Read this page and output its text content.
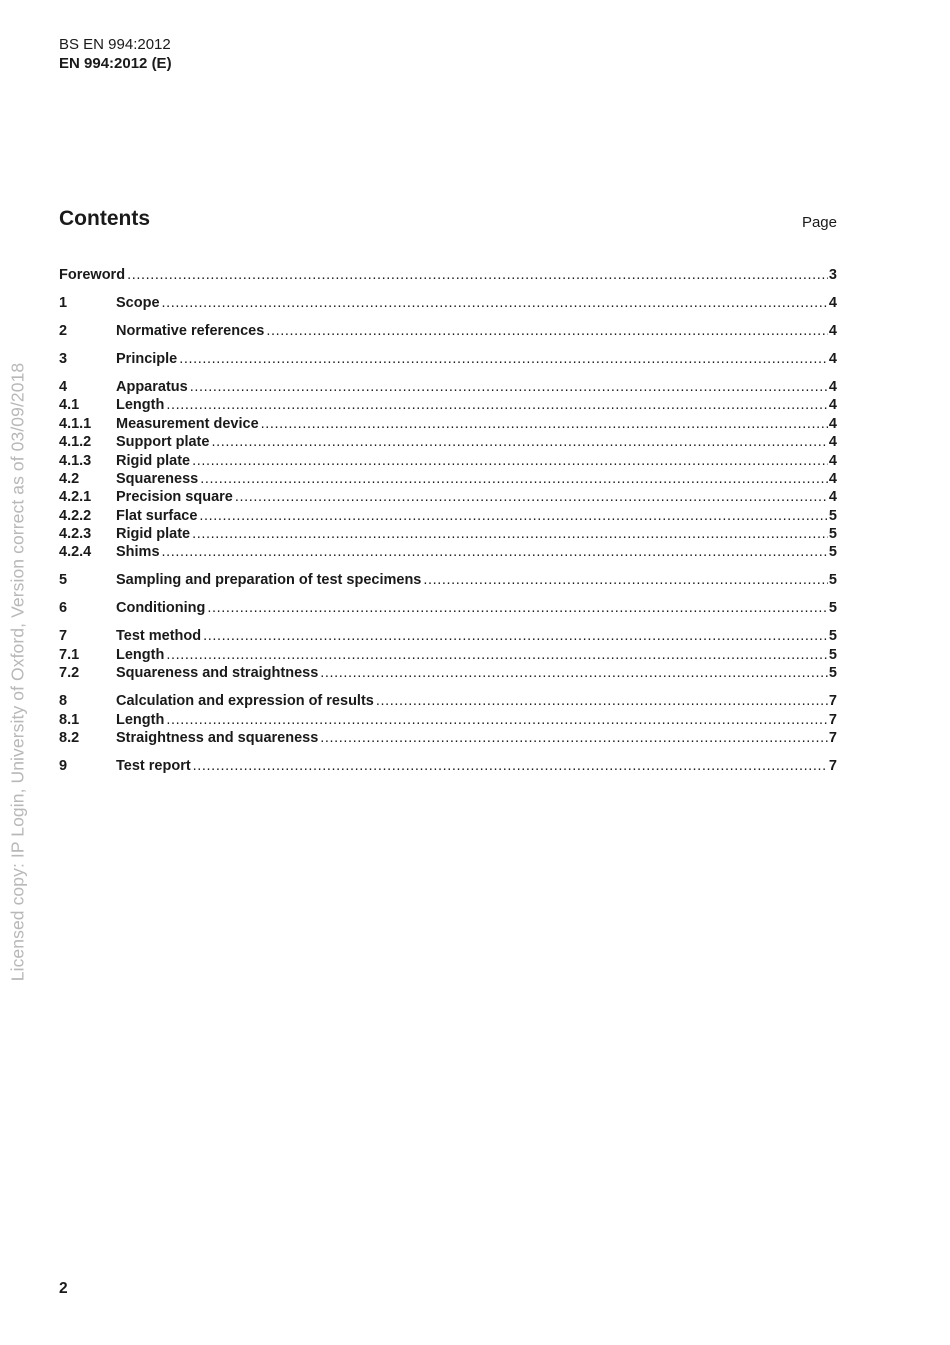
BS EN 994:2012
EN 994:2012 (E)
Licensed copy: IP Login, University of Oxford, Version correct as of 03/09/2018
Contents	Page
Foreword .....	3
1	Scope .....	4
2	Normative references .....	4
3	Principle .....	4
4	Apparatus .....	4
4.1	Length .....	4
4.1.1	Measurement device .....	4
4.1.2	Support plate .....	4
4.1.3	Rigid plate .....	4
4.2	Squareness .....	4
4.2.1	Precision square .....	4
4.2.2	Flat surface .....	5
4.2.3	Rigid plate .....	5
4.2.4	Shims .....	5
5	Sampling and preparation of test specimens .....	5
6	Conditioning .....	5
7	Test method .....	5
7.1	Length .....	5
7.2	Squareness and straightness .....	5
8	Calculation and expression of results .....	7
8.1	Length .....	7
8.2	Straightness and squareness .....	7
9	Test report .....	7
2
